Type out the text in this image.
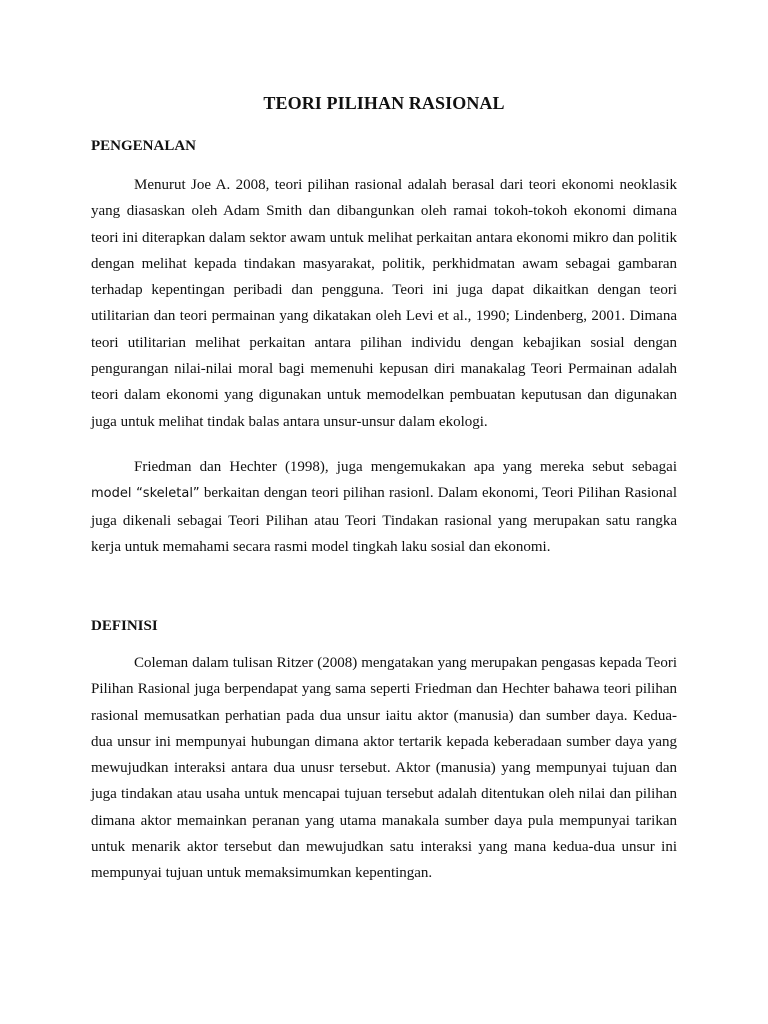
TEORI PILIHAN RASIONAL
PENGENALAN

Menurut Joe A. 2008, teori pilihan rasional adalah berasal dari teori ekonomi neoklasik yang diasaskan oleh Adam Smith dan dibangunkan oleh ramai tokoh-tokoh ekonomi dimana teori ini diterapkan dalam sektor awam untuk melihat perkaitan antara ekonomi mikro dan politik dengan melihat kepada tindakan masyarakat, politik, perkhidmatan awam sebagai gambaran terhadap kepentingan peribadi dan pengguna. Teori ini juga dapat dikaitkan dengan teori utilitarian dan teori permainan yang dikatakan oleh Levi et al., 1990; Lindenberg, 2001. Dimana teori utilitarian melihat perkaitan antara pilihan individu dengan kebajikan sosial dengan pengurangan nilai-nilai moral bagi memenuhi kepusan diri manakalag Teori Permainan adalah teori dalam ekonomi yang digunakan untuk memodelkan pembuatan keputusan dan digunakan juga untuk melihat tindak balas antara unsur-unsur dalam ekologi.

Friedman dan Hechter (1998), juga mengemukakan apa yang mereka sebut sebagai model “skeletal” berkaitan dengan teori pilihan rasionl. Dalam ekonomi, Teori Pilihan Rasional juga dikenali sebagai Teori Pilihan atau Teori Tindakan rasional yang merupakan satu rangka kerja untuk memahami secara rasmi model tingkah laku sosial dan ekonomi.

DEFINISI

Coleman dalam tulisan Ritzer (2008) mengatakan yang merupakan pengasas kepada Teori Pilihan Rasional juga berpendapat yang sama seperti Friedman dan Hechter bahawa teori pilihan rasional memusatkan perhatian pada dua unsur iaitu aktor (manusia) dan sumber daya. Kedua-dua unsur ini mempunyai hubungan dimana aktor tertarik kepada keberadaan sumber daya yang mewujudkan interaksi antara dua unusr tersebut. Aktor (manusia) yang mempunyai tujuan dan juga tindakan atau usaha untuk mencapai tujuan tersebut adalah ditentukan oleh nilai dan pilihan dimana aktor memainkan peranan yang utama manakala sumber daya pula mempunyai tarikan untuk menarik aktor tersebut dan mewujudkan satu interaksi yang mana kedua-dua unsur ini mempunyai tujuan untuk memaksimumkan kepentingan.
